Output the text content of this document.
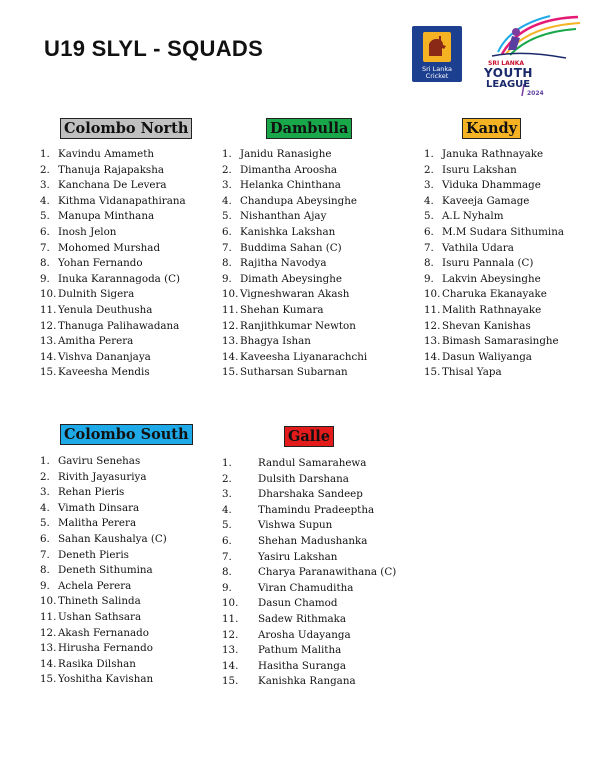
U19 SLYL - SQUADS
Sri Lanka
Cricket
SRI LANKA
YOUTH
LEAGUE
2024
Colombo North
1. Kavindu Amameth
2. Thanuja Rajapaksha
3. Kanchana De Levera
4. Kithma Vidanapathirana
5. Manupa Minthana
6. Inosh Jelon
7. Mohomed Murshad
8. Yohan Fernando
9. Inuka Karannagoda (C)
10. Dulnith Sigera
11. Yenula Deuthusha
12. Thanuga Palihawadana
13. Amitha Perera
14. Vishva Dananjaya
15. Kaveesha Mendis
Dambulla
1. Janidu Ranasighe
2. Dimantha Aroosha
3. Helanka Chinthana
4. Chandupa Abeysinghe
5. Nishanthan Ajay
6. Kanishka Lakshan
7. Buddima Sahan (C)
8. Rajitha Navodya
9. Dimath Abeysinghe
10. Vigneshwaran Akash
11. Shehan Kumara
12. Ranjithkumar Newton
13. Bhagya Ishan
14. Kaveesha Liyanarachchi
15. Sutharsan Subarnan
Kandy
1. Januka Rathnayake
2. Isuru Lakshan
3. Viduka Dhammage
4. Kaveeja Gamage
5. A.L Nyhalm
6. M.M Sudara Sithumina
7. Vathila Udara
8. Isuru Pannala (C)
9. Lakvin Abeysinghe
10. Charuka Ekanayake
11. Malith Rathnayake
12. Shevan Kanishas
13. Bimash Samarasinghe
14. Dasun Waliyanga
15. Thisal Yapa
Colombo South
1. Gaviru Senehas
2. Rivith Jayasuriya
3. Rehan Pieris
4. Vimath Dinsara
5. Malitha Perera
6. Sahan Kaushalya (C)
7. Deneth Pieris
8. Deneth Sithumina
9. Achela Perera
10. Thineth Salinda
11. Ushan Sathsara
12. Akash Fernanado
13. Hirusha Fernando
14. Rasika Dilshan
15. Yoshitha Kavishan
Galle
1.	Randul Samarahewa
2.	Dulsith Darshana
3.	Dharshaka Sandeep
4.	Thamindu Pradeeptha
5.	Vishwa Supun
6.	Shehan Madushanka
7.	Yasiru Lakshan
8.	Charya Paranawithana (C)
9.	Viran Chamuditha
10. Dasun Chamod
11. Sadew Rithmaka
12. Arosha Udayanga
13. Pathum Malitha
14. Hasitha Suranga
15. Kanishka Rangana
